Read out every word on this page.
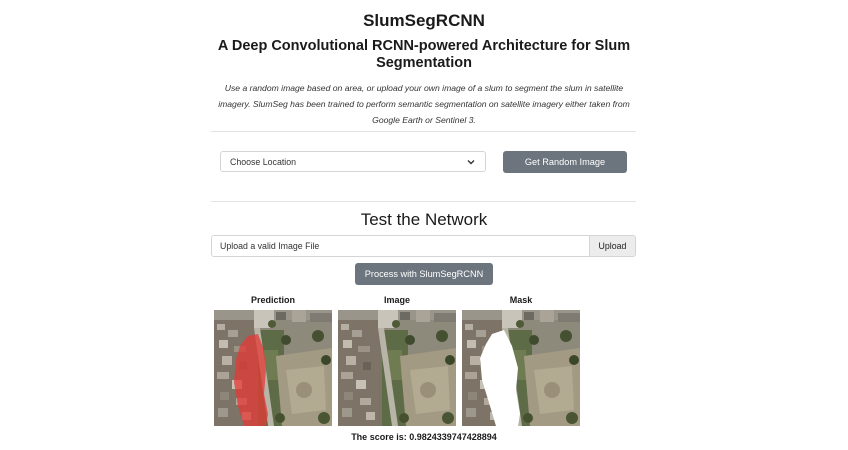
SlumSegRCNN
A Deep Convolutional RCNN-powered Architecture for Slum Segmentation
Use a random image based on area, or upload your own image of a slum to segment the slum in satellite imagery. SlumSeg has been trained to perform semantic segmentation on satellite imagery either taken from Google Earth or Sentinel 3.
Choose Location	Get Random Image
Test the Network
Upload a valid Image File	Upload
Process with SlumSegRCNN
Prediction	Image	Mask
The score is: 0.9824339747428894
